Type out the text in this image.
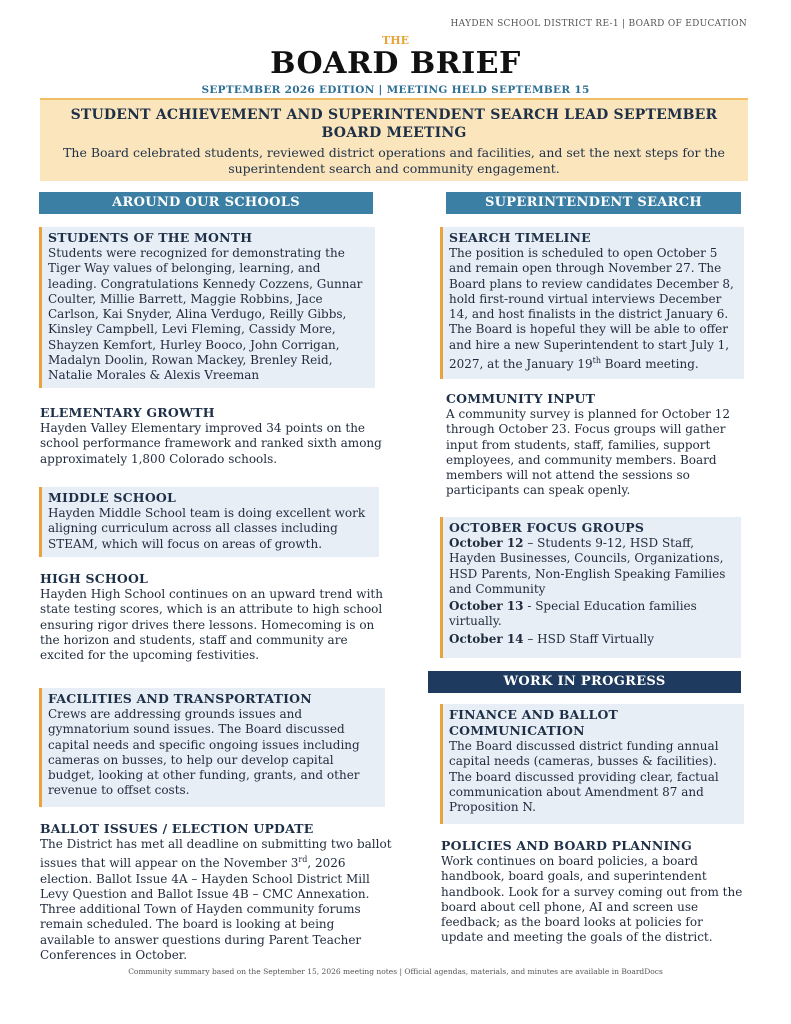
HAYDEN SCHOOL DISTRICT RE-1 | BOARD OF EDUCATION
THE
BOARD BRIEF
SEPTEMBER 2026 EDITION | MEETING HELD SEPTEMBER 15
STUDENT ACHIEVEMENT AND SUPERINTENDENT SEARCH LEAD SEPTEMBER BOARD MEETING
The Board celebrated students, reviewed district operations and facilities, and set the next steps for the superintendent search and community engagement.
AROUND OUR SCHOOLS
STUDENTS OF THE MONTH
Students were recognized for demonstrating the Tiger Way values of belonging, learning, and leading. Congratulations Kennedy Cozzens, Gunnar Coulter, Millie Barrett, Maggie Robbins, Jace Carlson, Kai Snyder, Alina Verdugo, Reilly Gibbs, Kinsley Campbell, Levi Fleming, Cassidy More, Shayzen Kemfort, Hurley Booco, John Corrigan, Madalyn Doolin, Rowan Mackey, Brenley Reid, Natalie Morales & Alexis Vreeman
ELEMENTARY GROWTH
Hayden Valley Elementary improved 34 points on the school performance framework and ranked sixth among approximately 1,800 Colorado schools.
MIDDLE SCHOOL
Hayden Middle School team is doing excellent work aligning curriculum across all classes including STEAM, which will focus on areas of growth.
HIGH SCHOOL
Hayden High School continues on an upward trend with state testing scores, which is an attribute to high school ensuring rigor drives there lessons. Homecoming is on the horizon and students, staff and community are excited for the upcoming festivities.
FACILITIES AND TRANSPORTATION
Crews are addressing grounds issues and gymnatorium sound issues. The Board discussed capital needs and specific ongoing issues including cameras on busses, to help our develop capital budget, looking at other funding, grants, and other revenue to offset costs.
BALLOT ISSUES / ELECTION UPDATE
The District has met all deadline on submitting two ballot issues that will appear on the November 3rd, 2026 election. Ballot Issue 4A – Hayden School District Mill Levy Question and Ballot Issue 4B – CMC Annexation. Three additional Town of Hayden community forums remain scheduled. The board is looking at being available to answer questions during Parent Teacher Conferences in October.
SUPERINTENDENT SEARCH
SEARCH TIMELINE
The position is scheduled to open October 5 and remain open through November 27. The Board plans to review candidates December 8, hold first-round virtual interviews December 14, and host finalists in the district January 6. The Board is hopeful they will be able to offer and hire a new Superintendent to start July 1, 2027, at the January 19th Board meeting.
COMMUNITY INPUT
A community survey is planned for October 12 through October 23. Focus groups will gather input from students, staff, families, support employees, and community members. Board members will not attend the sessions so participants can speak openly.
OCTOBER FOCUS GROUPS
October 12 – Students 9-12, HSD Staff, Hayden Businesses, Councils, Organizations, HSD Parents, Non-English Speaking Families and Community
October 13 - Special Education families virtually.
October 14 – HSD Staff Virtually
WORK IN PROGRESS
FINANCE AND BALLOT COMMUNICATION
The Board discussed district funding annual capital needs (cameras, busses & facilities). The board discussed providing clear, factual communication about Amendment 87 and Proposition N.
POLICIES AND BOARD PLANNING
Work continues on board policies, a board handbook, board goals, and superintendent handbook. Look for a survey coming out from the board about cell phone, AI and screen use feedback; as the board looks at policies for update and meeting the goals of the district.
Community summary based on the September 15, 2026 meeting notes | Official agendas, materials, and minutes are available in BoardDocs
